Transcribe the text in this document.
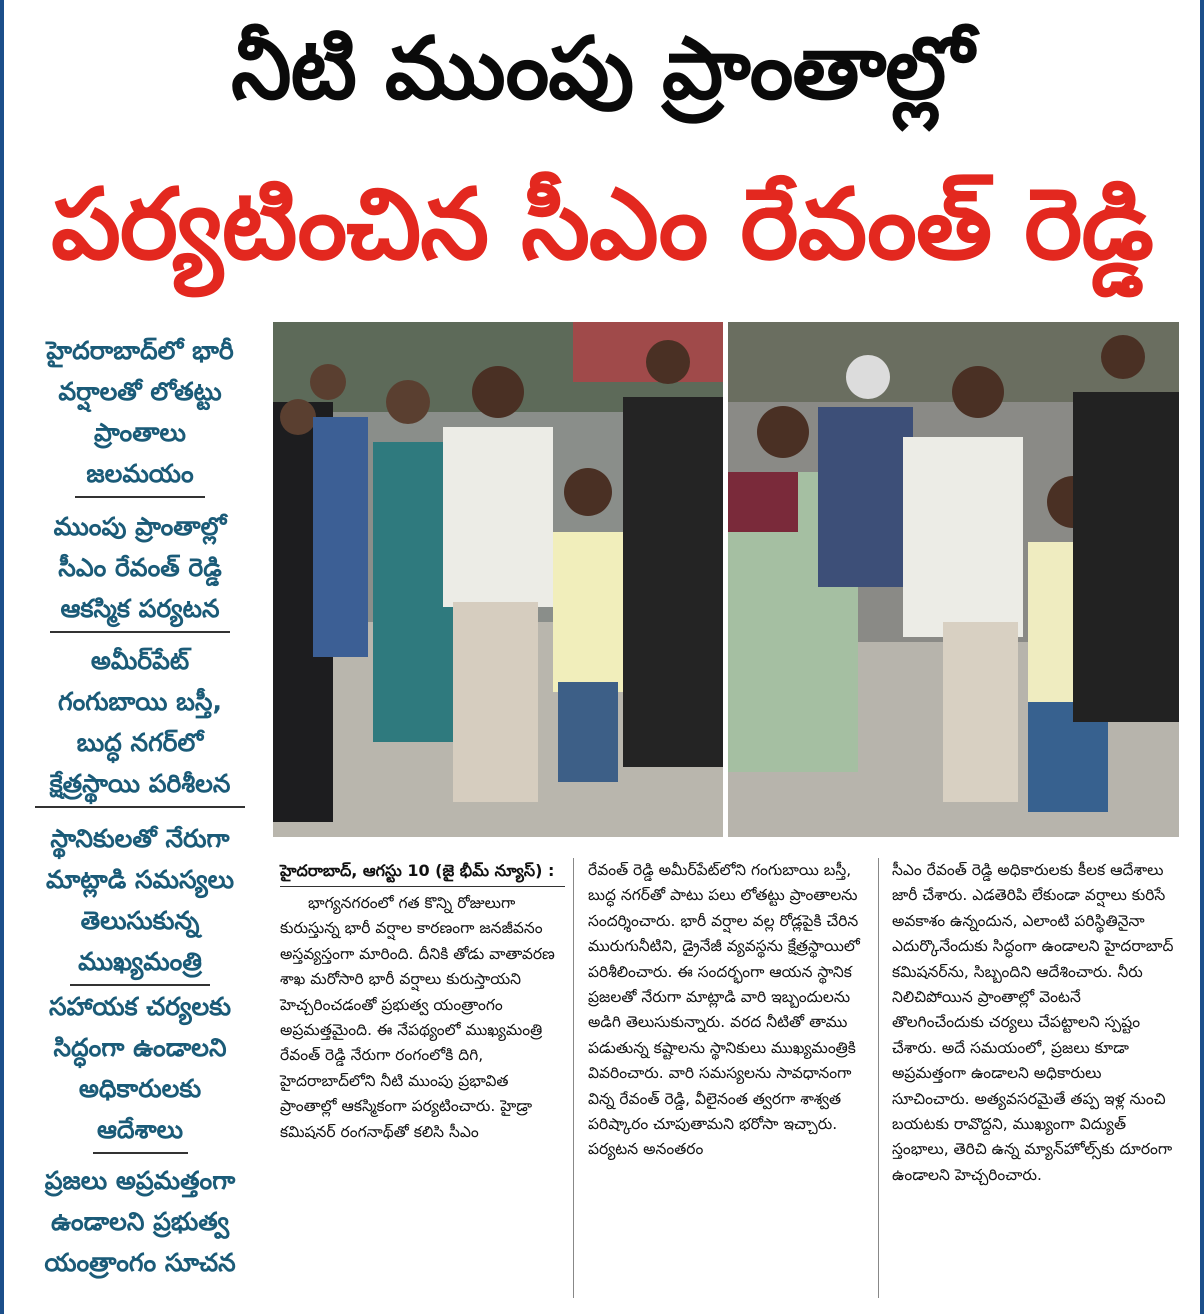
నీటి ముంపు ప్రాంతాల్లో
పర్యటించిన సీఎం రేవంత్ రెడ్డి
హైదరాబాద్‌లో భారీ
వర్షాలతో లోతట్టు
ప్రాంతాలు
జలమయం
ముంపు ప్రాంతాల్లో
సీఎం రేవంత్ రెడ్డి
ఆకస్మిక పర్యటన
అమీర్‌పేట్
గంగుబాయి బస్తీ,
బుద్ధ నగర్‌లో
క్షేత్రస్థాయి పరిశీలన
స్థానికులతో నేరుగా
మాట్లాడి సమస్యలు
తెలుసుకున్న
ముఖ్యమంత్రి
సహాయక చర్యలకు
సిద్ధంగా ఉండాలని
అధికారులకు
ఆదేశాలు
ప్రజలు అప్రమత్తంగా
ఉండాలని ప్రభుత్వ
యంత్రాంగం సూచన
హైదరాబాద్, ఆగస్టు 10 (జై భీమ్ న్యూస్) :
భాగ్యనగరంలో గత కొన్ని రోజులుగా కురుస్తున్న భారీ వర్షాల కారణంగా జనజీవనం అస్తవ్యస్తంగా మారింది. దీనికి తోడు వాతావరణ శాఖ మరోసారి భారీ వర్షాలు కురుస్తాయని హెచ్చరించడంతో ప్రభుత్వ యంత్రాంగం అప్రమత్తమైంది. ఈ నేపథ్యంలో ముఖ్యమంత్రి రేవంత్ రెడ్డి నేరుగా రంగంలోకి దిగి, హైదరాబాద్‌లోని నీటి ముంపు ప్రభావిత ప్రాంతాల్లో ఆకస్మికంగా పర్యటించారు. హైడ్రా కమిషనర్ రంగనాథ్‌తో కలిసి సీఎం
రేవంత్ రెడ్డి అమీర్‌పేట్‌లోని గంగుబాయి బస్తీ, బుద్ధ నగర్‌తో పాటు పలు లోతట్టు ప్రాంతాలను సందర్శించారు. భారీ వర్షాల వల్ల రోడ్లపైకి చేరిన మురుగునీటిని, డ్రైనేజీ వ్యవస్థను క్షేత్రస్థాయిలో పరిశీలించారు. ఈ సందర్భంగా ఆయన స్థానిక ప్రజలతో నేరుగా మాట్లాడి వారి ఇబ్బందులను అడిగి తెలుసుకున్నారు. వరద నీటితో తాము పడుతున్న కష్టాలను స్థానికులు ముఖ్యమంత్రికి వివరించారు. వారి సమస్యలను సావధానంగా విన్న రేవంత్ రెడ్డి, వీలైనంత త్వరగా శాశ్వత పరిష్కారం చూపుతామని భరోసా ఇచ్చారు. పర్యటన అనంతరం
సీఎం రేవంత్ రెడ్డి అధికారులకు కీలక ఆదేశాలు జారీ చేశారు. ఎడతెరిపి లేకుండా వర్షాలు కురిసే అవకాశం ఉన్నందున, ఎలాంటి పరిస్థితినైనా ఎదుర్కొనేందుకు సిద్ధంగా ఉండాలని హైదరాబాద్ కమిషనర్‌ను, సిబ్బందిని ఆదేశించారు. నీరు నిలిచిపోయిన ప్రాంతాల్లో వెంటనే తొలగించేందుకు చర్యలు చేపట్టాలని స్పష్టం చేశారు. అదే సమయంలో, ప్రజలు కూడా అప్రమత్తంగా ఉండాలని అధికారులు సూచించారు. అత్యవసరమైతే తప్ప ఇళ్ల నుంచి బయటకు రావొద్దని, ముఖ్యంగా విద్యుత్ స్తంభాలు, తెరిచి ఉన్న మ్యాన్‌హోల్స్‌కు దూరంగా ఉండాలని హెచ్చరించారు.
